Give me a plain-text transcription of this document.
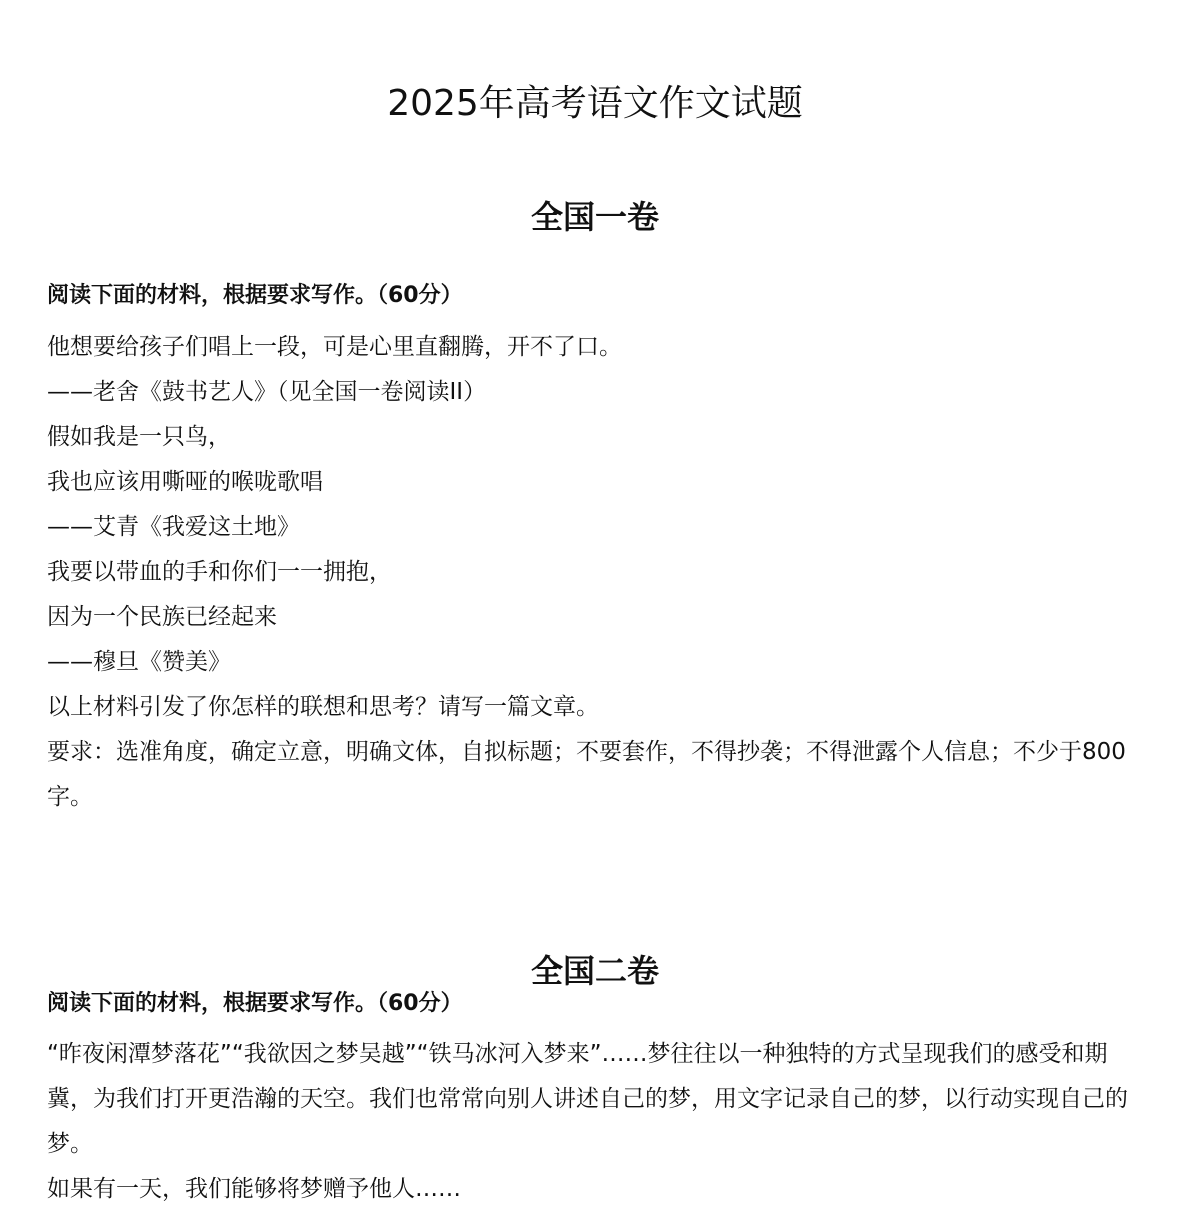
2025年高考语文作文试题
全国一卷
阅读下面的材料，根据要求写作。（60分）
他想要给孩子们唱上一段，可是心里直翻腾，开不了口。
——老舍《鼓书艺人》（见全国一卷阅读II）
假如我是一只鸟，
我也应该用嘶哑的喉咙歌唱
——艾青《我爱这土地》
我要以带血的手和你们一一拥抱，
因为一个民族已经起来
——穆旦《赞美》
以上材料引发了你怎样的联想和思考？请写一篇文章。
要求：选准角度，确定立意，明确文体，自拟标题；不要套作，不得抄袭；不得泄露个人信息；不少于800字。
全国二卷
阅读下面的材料，根据要求写作。（60分）
“昨夜闲潭梦落花”“我欲因之梦吴越”“铁马冰河入梦来”……梦往往以一种独特的方式呈现我们的感受和期冀，为我们打开更浩瀚的天空。我们也常常向别人讲述自己的梦，用文字记录自己的梦，以行动实现自己的梦。
如果有一天，我们能够将梦赠予他人……
